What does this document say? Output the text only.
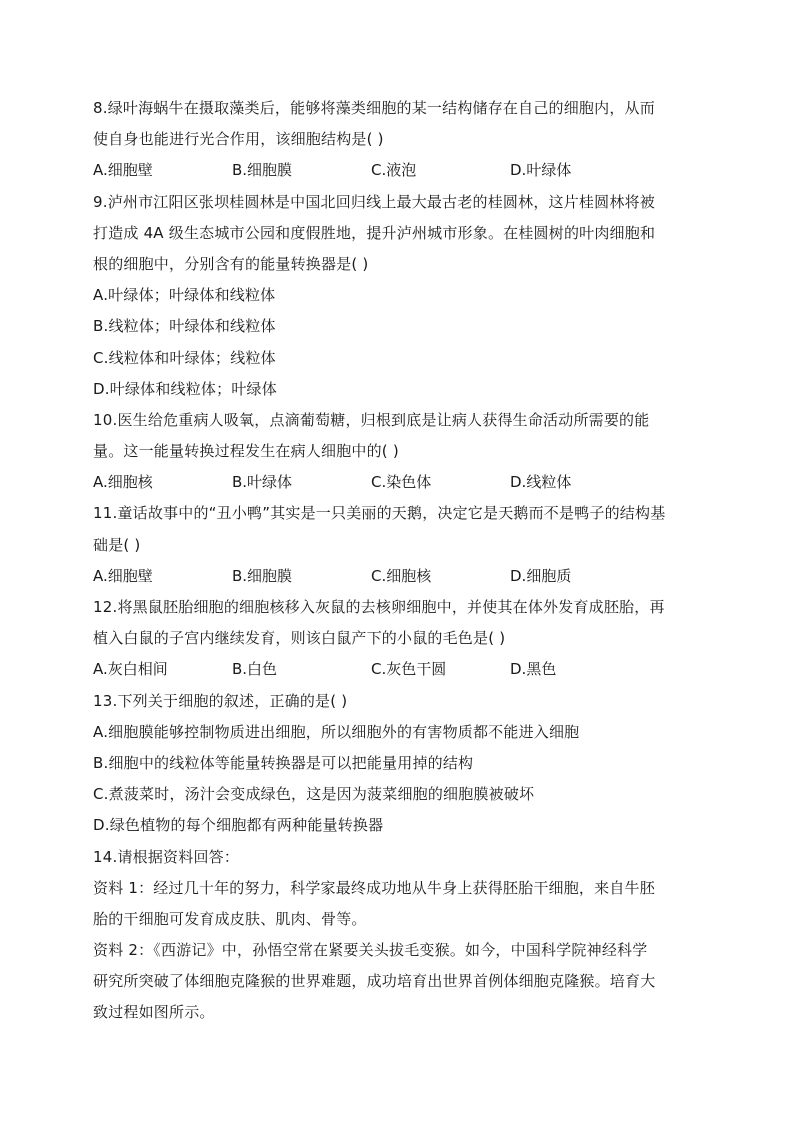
8.绿叶海蜗牛在摄取藻类后，能够将藻类细胞的某一结构储存在自己的细胞内，从而
使自身也能进行光合作用，该细胞结构是( )
A.细胞壁	B.细胞膜	C.液泡	D.叶绿体
9.泸州市江阳区张坝桂圆林是中国北回归线上最大最古老的桂圆林，这片桂圆林将被
打造成 4A 级生态城市公园和度假胜地，提升泸州城市形象。在桂圆树的叶肉细胞和
根的细胞中，分别含有的能量转换器是( )
A.叶绿体；叶绿体和线粒体
B.线粒体；叶绿体和线粒体
C.线粒体和叶绿体；线粒体
D.叶绿体和线粒体；叶绿体
10.医生给危重病人吸氧，点滴葡萄糖，归根到底是让病人获得生命活动所需要的能
量。这一能量转换过程发生在病人细胞中的( )
A.细胞核	B.叶绿体	C.染色体	D.线粒体
11.童话故事中的“丑小鸭”其实是一只美丽的天鹅，决定它是天鹅而不是鸭子的结构基
础是( )
A.细胞壁	B.细胞膜	C.细胞核	D.细胞质
12.将黑鼠胚胎细胞的细胞核移入灰鼠的去核卵细胞中，并使其在体外发育成胚胎，再
植入白鼠的子宫内继续发育，则该白鼠产下的小鼠的毛色是( )
A.灰白相间	B.白色	C.灰色干圆	D.黑色
13.下列关于细胞的叙述，正确的是( )
A.细胞膜能够控制物质进出细胞，所以细胞外的有害物质都不能进入细胞
B.细胞中的线粒体等能量转换器是可以把能量用掉的结构
C.煮菠菜时，汤汁会变成绿色，这是因为菠菜细胞的细胞膜被破坏
D.绿色植物的每个细胞都有两种能量转换器
14.请根据资料回答：
资料 1：经过几十年的努力，科学家最终成功地从牛身上获得胚胎干细胞，来自牛胚
胎的干细胞可发育成皮肤、肌肉、骨等。
资料 2：《西游记》中，孙悟空常在紧要关头拔毛变猴。如今，中国科学院神经科学
研究所突破了体细胞克隆猴的世界难题，成功培育出世界首例体细胞克隆猴。培育大
致过程如图所示。
